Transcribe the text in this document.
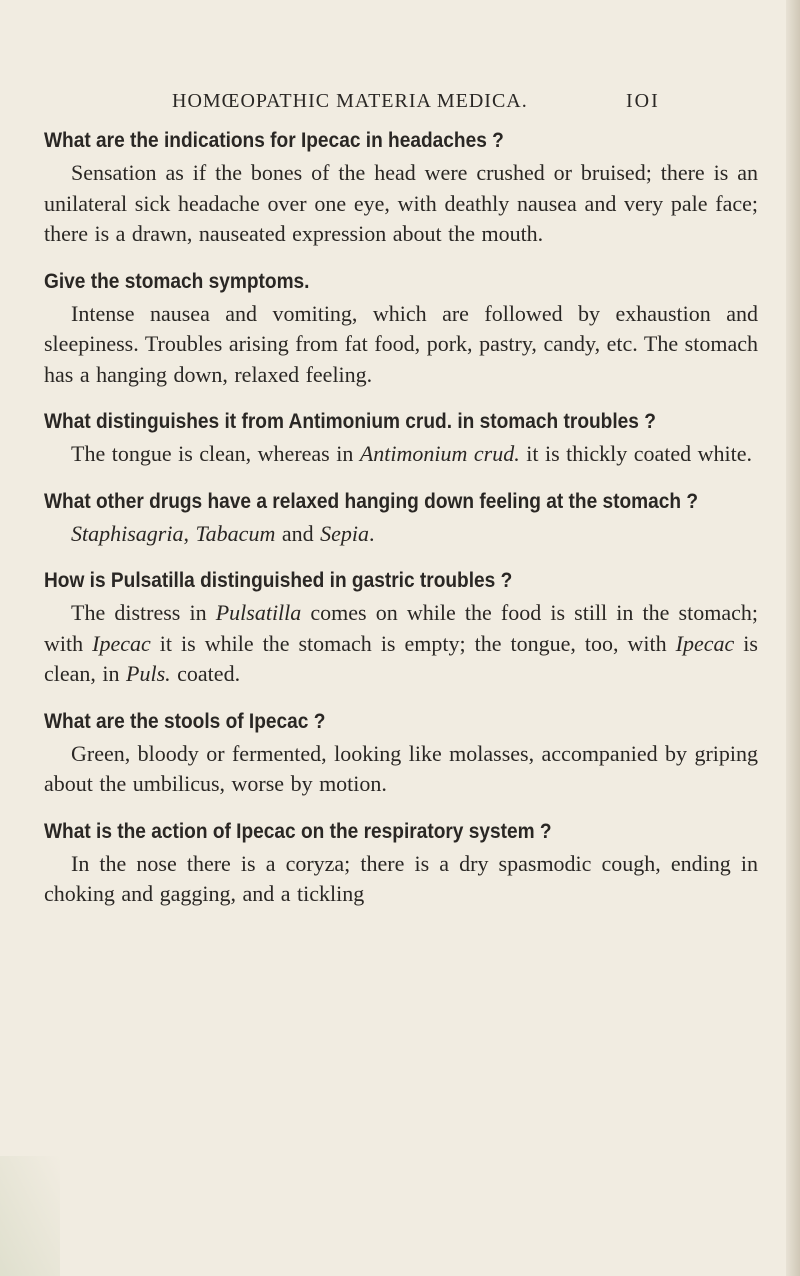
HOMŒOPATHIC MATERIA MEDICA.	IOI

What are the indications for Ipecac in headaches ?

Sensation as if the bones of the head were crushed or bruised; there is an unilateral sick headache over one eye, with deathly nausea and very pale face; there is a drawn, nauseated expression about the mouth.

Give the stomach symptoms.

Intense nausea and vomiting, which are followed by exhaustion and sleepiness. Troubles arising from fat food, pork, pastry, candy, etc. The stomach has a hanging down, relaxed feeling.

What distinguishes it from Antimonium crud. in stomach troubles ?

The tongue is clean, whereas in Antimonium crud. it is thickly coated white.

What other drugs have a relaxed hanging down feeling at the stomach ?

Staphisagria, Tabacum and Sepia.

How is Pulsatilla distinguished in gastric troubles ?

The distress in Pulsatilla comes on while the food is still in the stomach; with Ipecac it is while the stomach is empty; the tongue, too, with Ipecac is clean, in Puls. coated.

What are the stools of Ipecac ?

Green, bloody or fermented, looking like molasses, accompanied by griping about the umbilicus, worse by motion.

What is the action of Ipecac on the respiratory system ?

In the nose there is a coryza; there is a dry spasmodic cough, ending in choking and gagging, and a tickling
